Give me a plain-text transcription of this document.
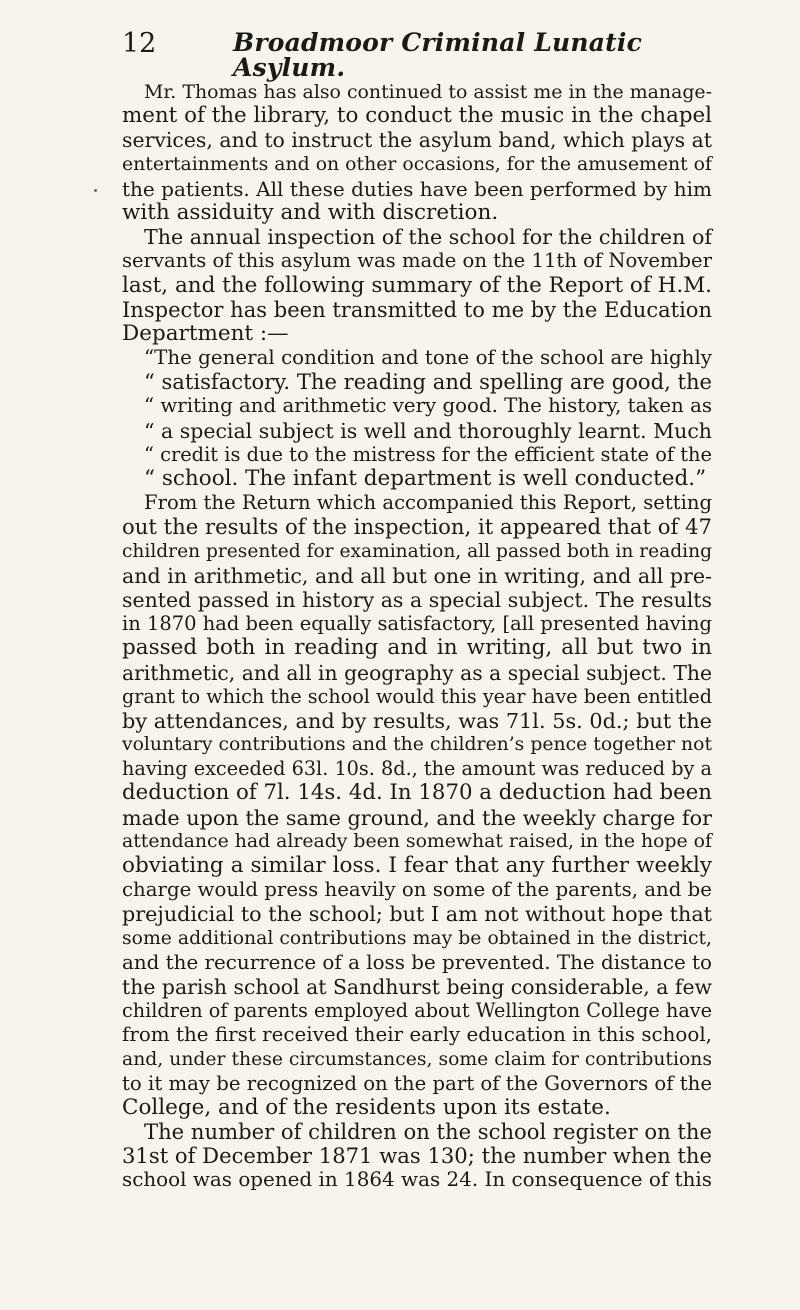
12	Broadmoor Criminal Lunatic Asylum.
Mr. Thomas has also continued to assist me in the manage-
ment of the library, to conduct the music in the chapel
services, and to instruct the asylum band, which plays at
entertainments and on other occasions, for the amusement of
the patients. All these duties have been performed by him
with assiduity and with discretion.
The annual inspection of the school for the children of
servants of this asylum was made on the 11th of November
last, and the following summary of the Report of H.M.
Inspector has been transmitted to me by the Education
Department :—
“The general condition and tone of the school are highly
“ satisfactory. The reading and spelling are good, the
“ writing and arithmetic very good. The history, taken as
“ a special subject is well and thoroughly learnt. Much
“ credit is due to the mistress for the efficient state of the
“ school. The infant department is well conducted.”
From the Return which accompanied this Report, setting
out the results of the inspection, it appeared that of 47
children presented for examination, all passed both in reading
and in arithmetic, and all but one in writing, and all pre-
sented passed in history as a special subject. The results
in 1870 had been equally satisfactory, [all presented having
passed both in reading and in writing, all but two in
arithmetic, and all in geography as a special subject. The
grant to which the school would this year have been entitled
by attendances, and by results, was 71l. 5s. 0d.; but the
voluntary contributions and the children’s pence together not
having exceeded 63l. 10s. 8d., the amount was reduced by a
deduction of 7l. 14s. 4d. In 1870 a deduction had been
made upon the same ground, and the weekly charge for
attendance had already been somewhat raised, in the hope of
obviating a similar loss. I fear that any further weekly
charge would press heavily on some of the parents, and be
prejudicial to the school; but I am not without hope that
some additional contributions may be obtained in the district,
and the recurrence of a loss be prevented. The distance to
the parish school at Sandhurst being considerable, a few
children of parents employed about Wellington College have
from the first received their early education in this school,
and, under these circumstances, some claim for contributions
to it may be recognized on the part of the Governors of the
College, and of the residents upon its estate.
The number of children on the school register on the
31st of December 1871 was 130; the number when the
school was opened in 1864 was 24. In consequence of this
